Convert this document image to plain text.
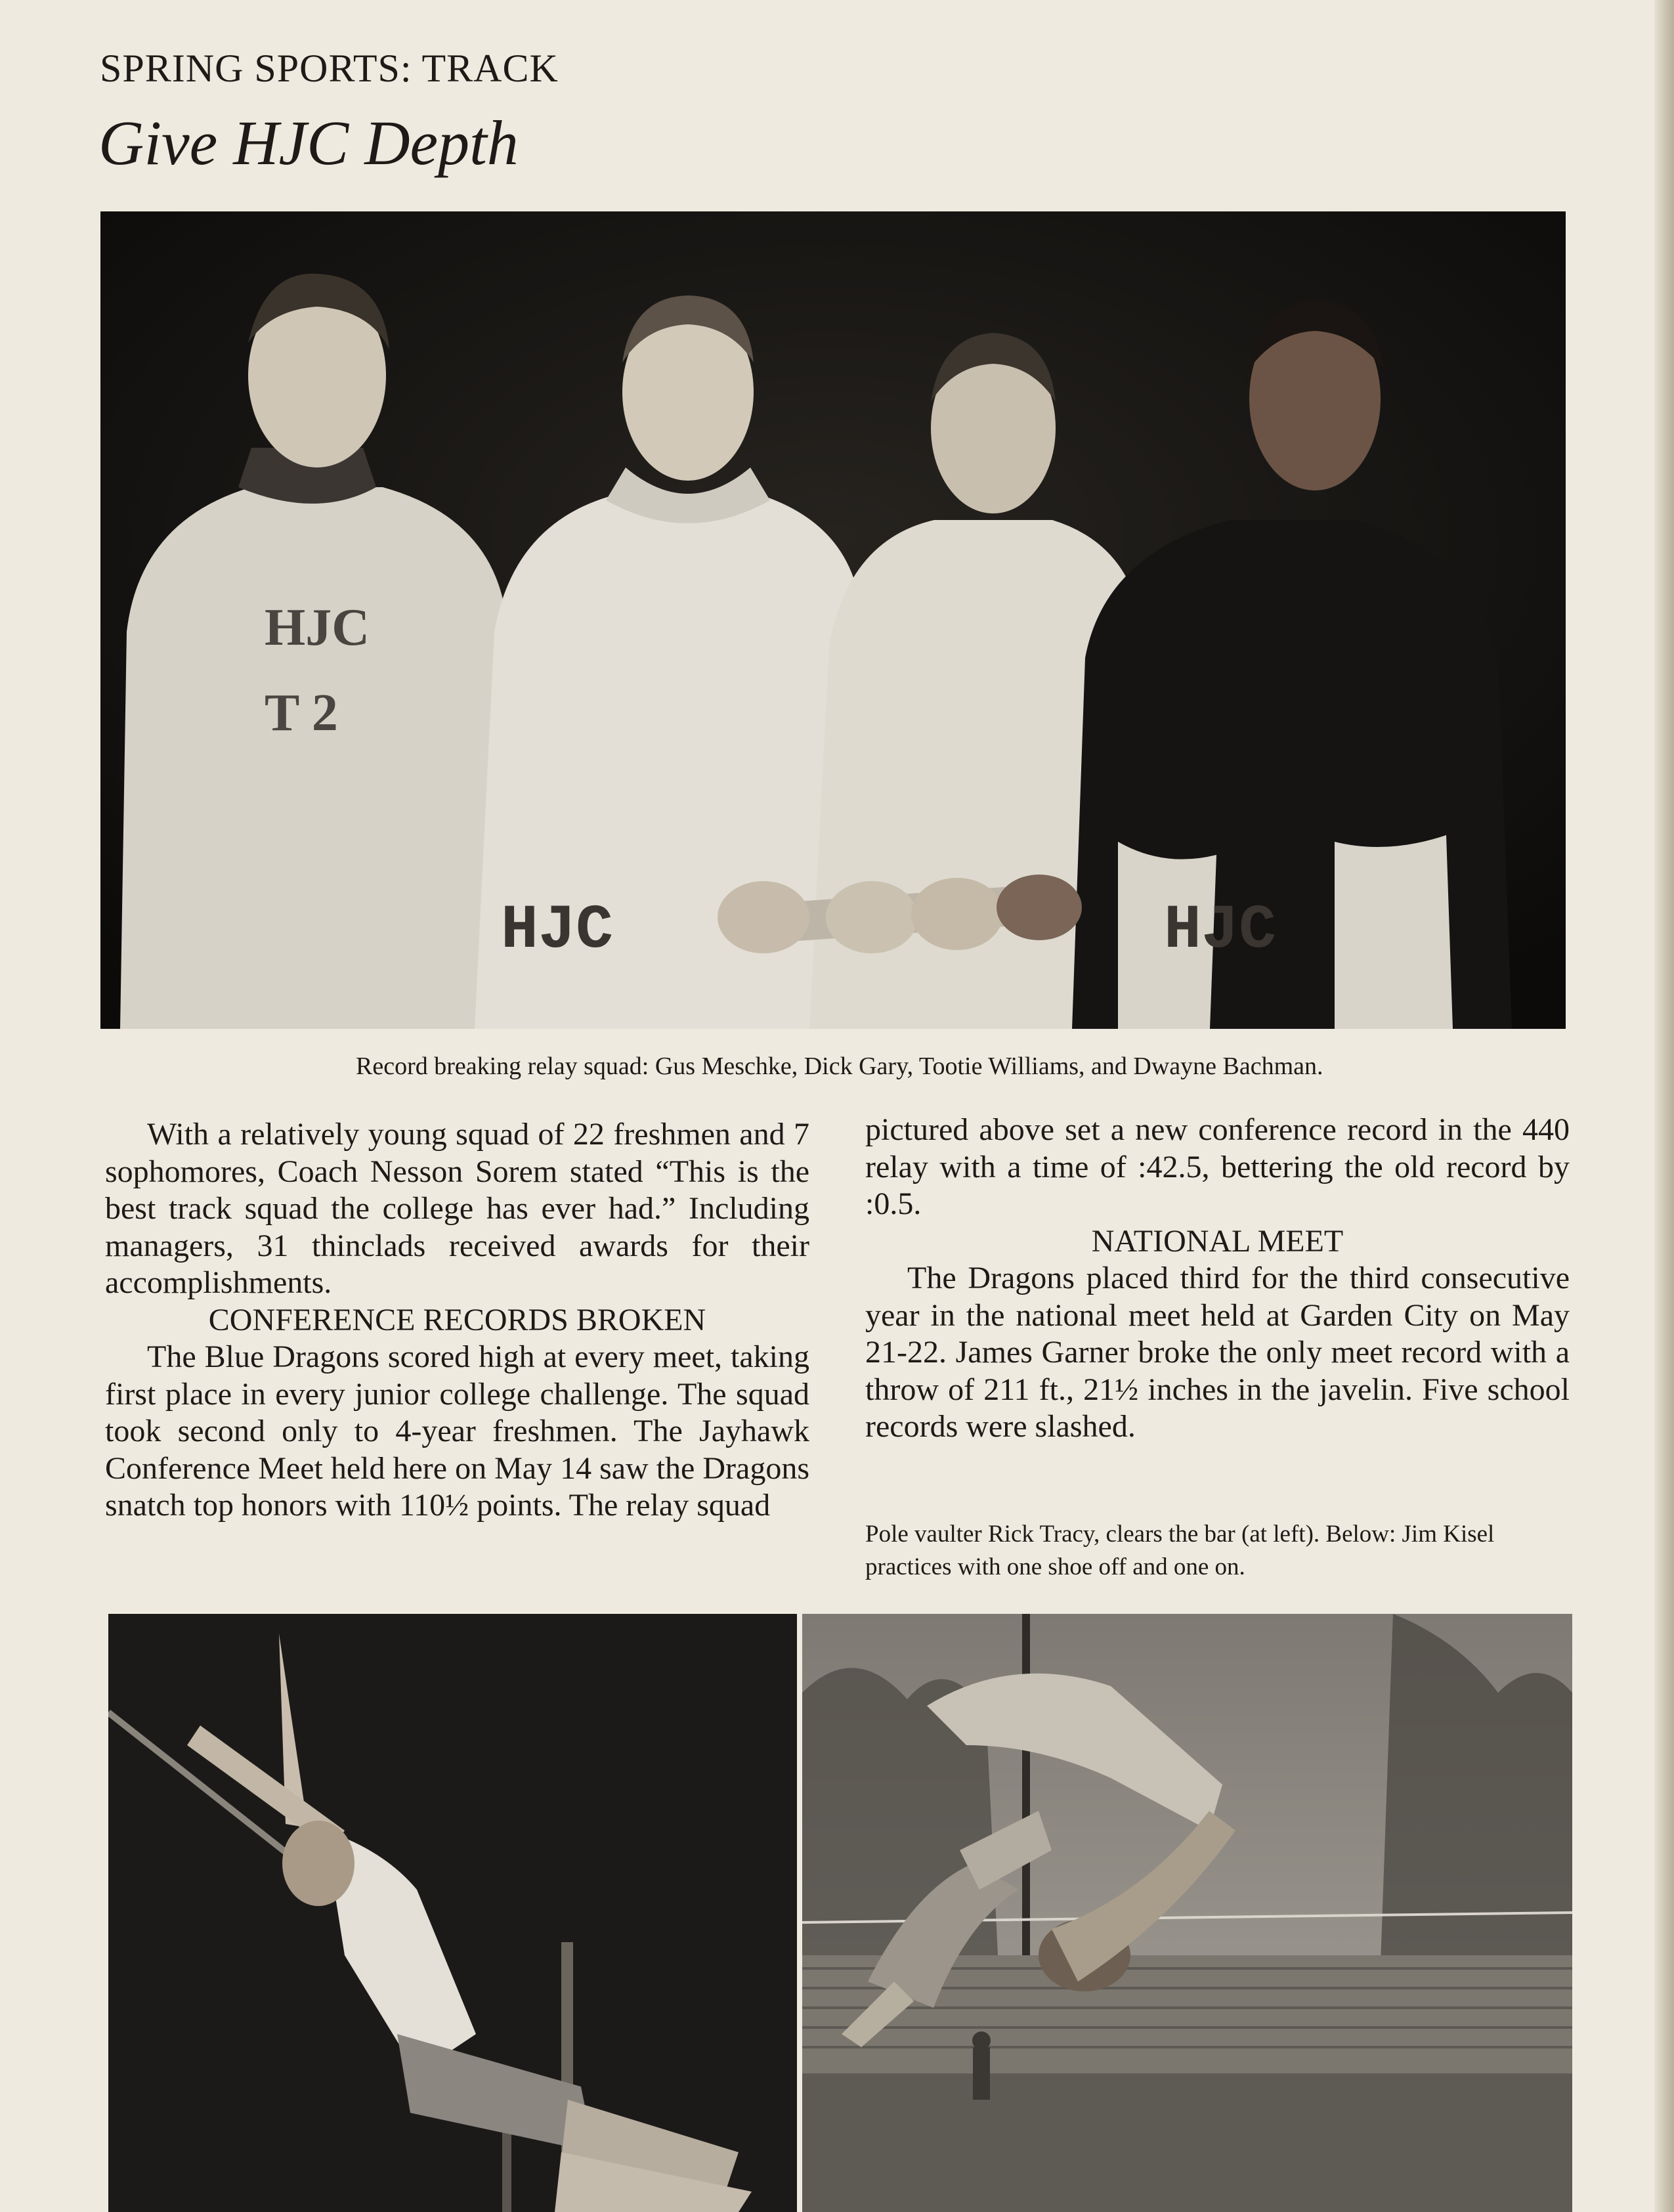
SPRING SPORTS: TRACK
Give HJC Depth
HJC
T 2
HJC	HJC
Record breaking relay squad: Gus Meschke, Dick Gary, Tootie Williams, and Dwayne Bachman.

With a relatively young squad of 22 freshmen and 7 sophomores, Coach Nesson Sorem stated “This is the best track squad the college has ever had.” Including managers, 31 thinclads received awards for their accomplishments.

CONFERENCE RECORDS BROKEN

The Blue Dragons scored high at every meet, taking first place in every junior college challenge. The squad took second only to 4-year freshmen. The Jayhawk Conference Meet held here on May 14 saw the Dragons snatch top honors with 110½ points. The relay squad

pictured above set a new conference record in the 440 relay with a time of :42.5, bettering the old record by :0.5.

NATIONAL MEET

The Dragons placed third for the third consecutive year in the national meet held at Garden City on May 21-22. James Garner broke the only meet record with a throw of 211 ft., 21½ inches in the javelin. Five school records were slashed.

Pole vaulter Rick Tracy, clears the bar (at left). Below: Jim Kisel practices with one shoe off and one on.
